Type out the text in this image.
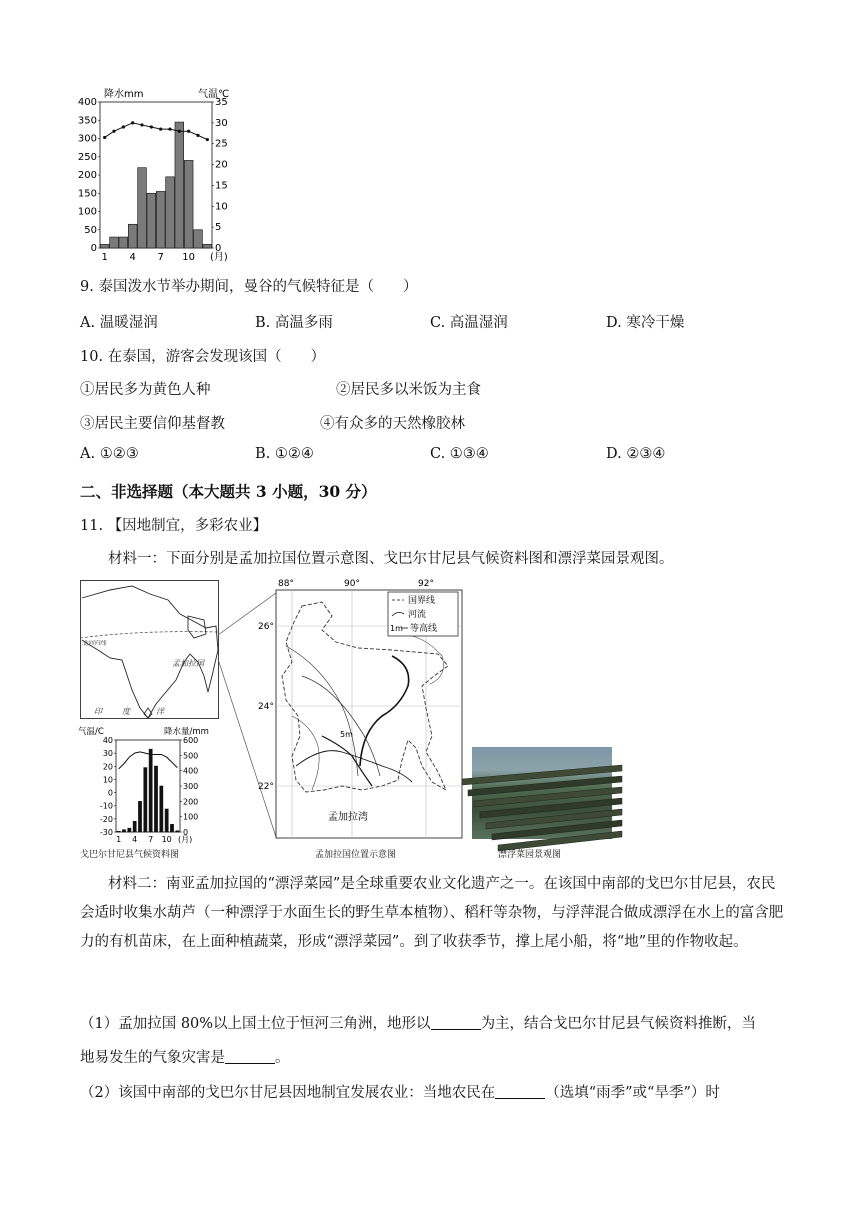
降水mm	气温℃
400
350
300
250
200
150
100
50
0
35
30
25
20
15
10
5
0
1 4 7 10 (月)
9. 泰国泼水节举办期间，曼谷的气候特征是（　　）
A. 温暖湿润	B. 高温多雨	C. 高温湿润	D. 寒冷干燥
10. 在泰国，游客会发现该国（　　）
①居民多为黄色人种	②居民多以米饭为主食
③居民主要信仰基督教	④有众多的天然橡胶林
A. ①②③	B. ①②④	C. ①③④	D. ②③④
二、非选择题（本大题共 3 小题，30 分）
11. 【因地制宜，多彩农业】
材料一：下面分别是孟加拉国位置示意图、戈巴尔甘尼县气候资料图和漂浮菜园景观图。
北回归线
孟加拉国
印	度	洋
气温/C	降水量/mm
40
30
20
10
0
-10
-20
-30
600
500
400
300
200
100
0
1 4 7 10 (月)
戈巴尔甘尼县气候资料图
88°	90°	92°
26°
24°
22°
5m
孟加拉湾
国界线
河流
1m 等高线
孟加拉国位置示意图	漂浮菜园景观图
材料二：南亚孟加拉国的“漂浮菜园”是全球重要农业文化遗产之一。在该国中南部的戈巴尔甘尼县，农民会适时收集水葫芦（一种漂浮于水面生长的野生草本植物）、稻秆等杂物，与浮萍混合做成漂浮在水上的富含肥力的有机苗床，在上面种植蔬菜，形成“漂浮菜园”。到了收获季节，撑上尾小船，将“地”里的作物收起。
（1）孟加拉国 80%以上国土位于恒河三角洲，地形以	为主，结合戈巴尔甘尼县气候资料推断，当
地易发生的气象灾害是	。
（2）该国中南部的戈巴尔甘尼县因地制宜发展农业：当地农民在	（选填“雨季”或“旱季”）时
